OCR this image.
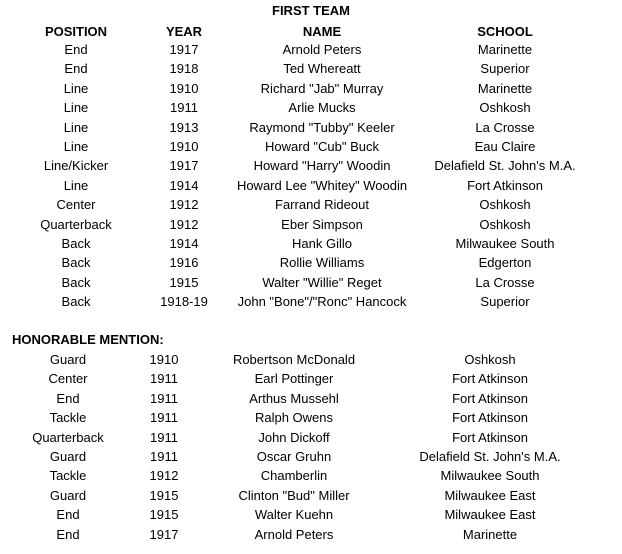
FIRST TEAM
POSITION	YEAR	NAME	SCHOOL
End	1917	Arnold Peters	Marinette
End	1918	Ted Whereatt	Superior
Line	1910	Richard "Jab" Murray	Marinette
Line	1911	Arlie Mucks	Oshkosh
Line	1913	Raymond "Tubby" Keeler	La Crosse
Line	1910	Howard "Cub" Buck	Eau Claire
Line/Kicker	1917	Howard "Harry" Woodin	Delafield St. John's M.A.
Line	1914	Howard Lee "Whitey" Woodin	Fort Atkinson
Center	1912	Farrand Rideout	Oshkosh
Quarterback	1912	Eber Simpson	Oshkosh
Back	1914	Hank Gillo	Milwaukee South
Back	1916	Rollie Williams	Edgerton
Back	1915	Walter "Willie" Reget	La Crosse
Back	1918-19	John "Bone"/"Ronc" Hancock	Superior
HONORABLE MENTION:
Guard	1910	Robertson McDonald	Oshkosh
Center	1911	Earl Pottinger	Fort Atkinson
End	1911	Arthus Mussehl	Fort Atkinson
Tackle	1911	Ralph Owens	Fort Atkinson
Quarterback	1911	John Dickoff	Fort Atkinson
Guard	1911	Oscar Gruhn	Delafield St. John's M.A.
Tackle	1912	Chamberlin	Milwaukee South
Guard	1915	Clinton "Bud" Miller	Milwaukee East
End	1915	Walter Kuehn	Milwaukee East
End	1917	Arnold Peters	Marinette
